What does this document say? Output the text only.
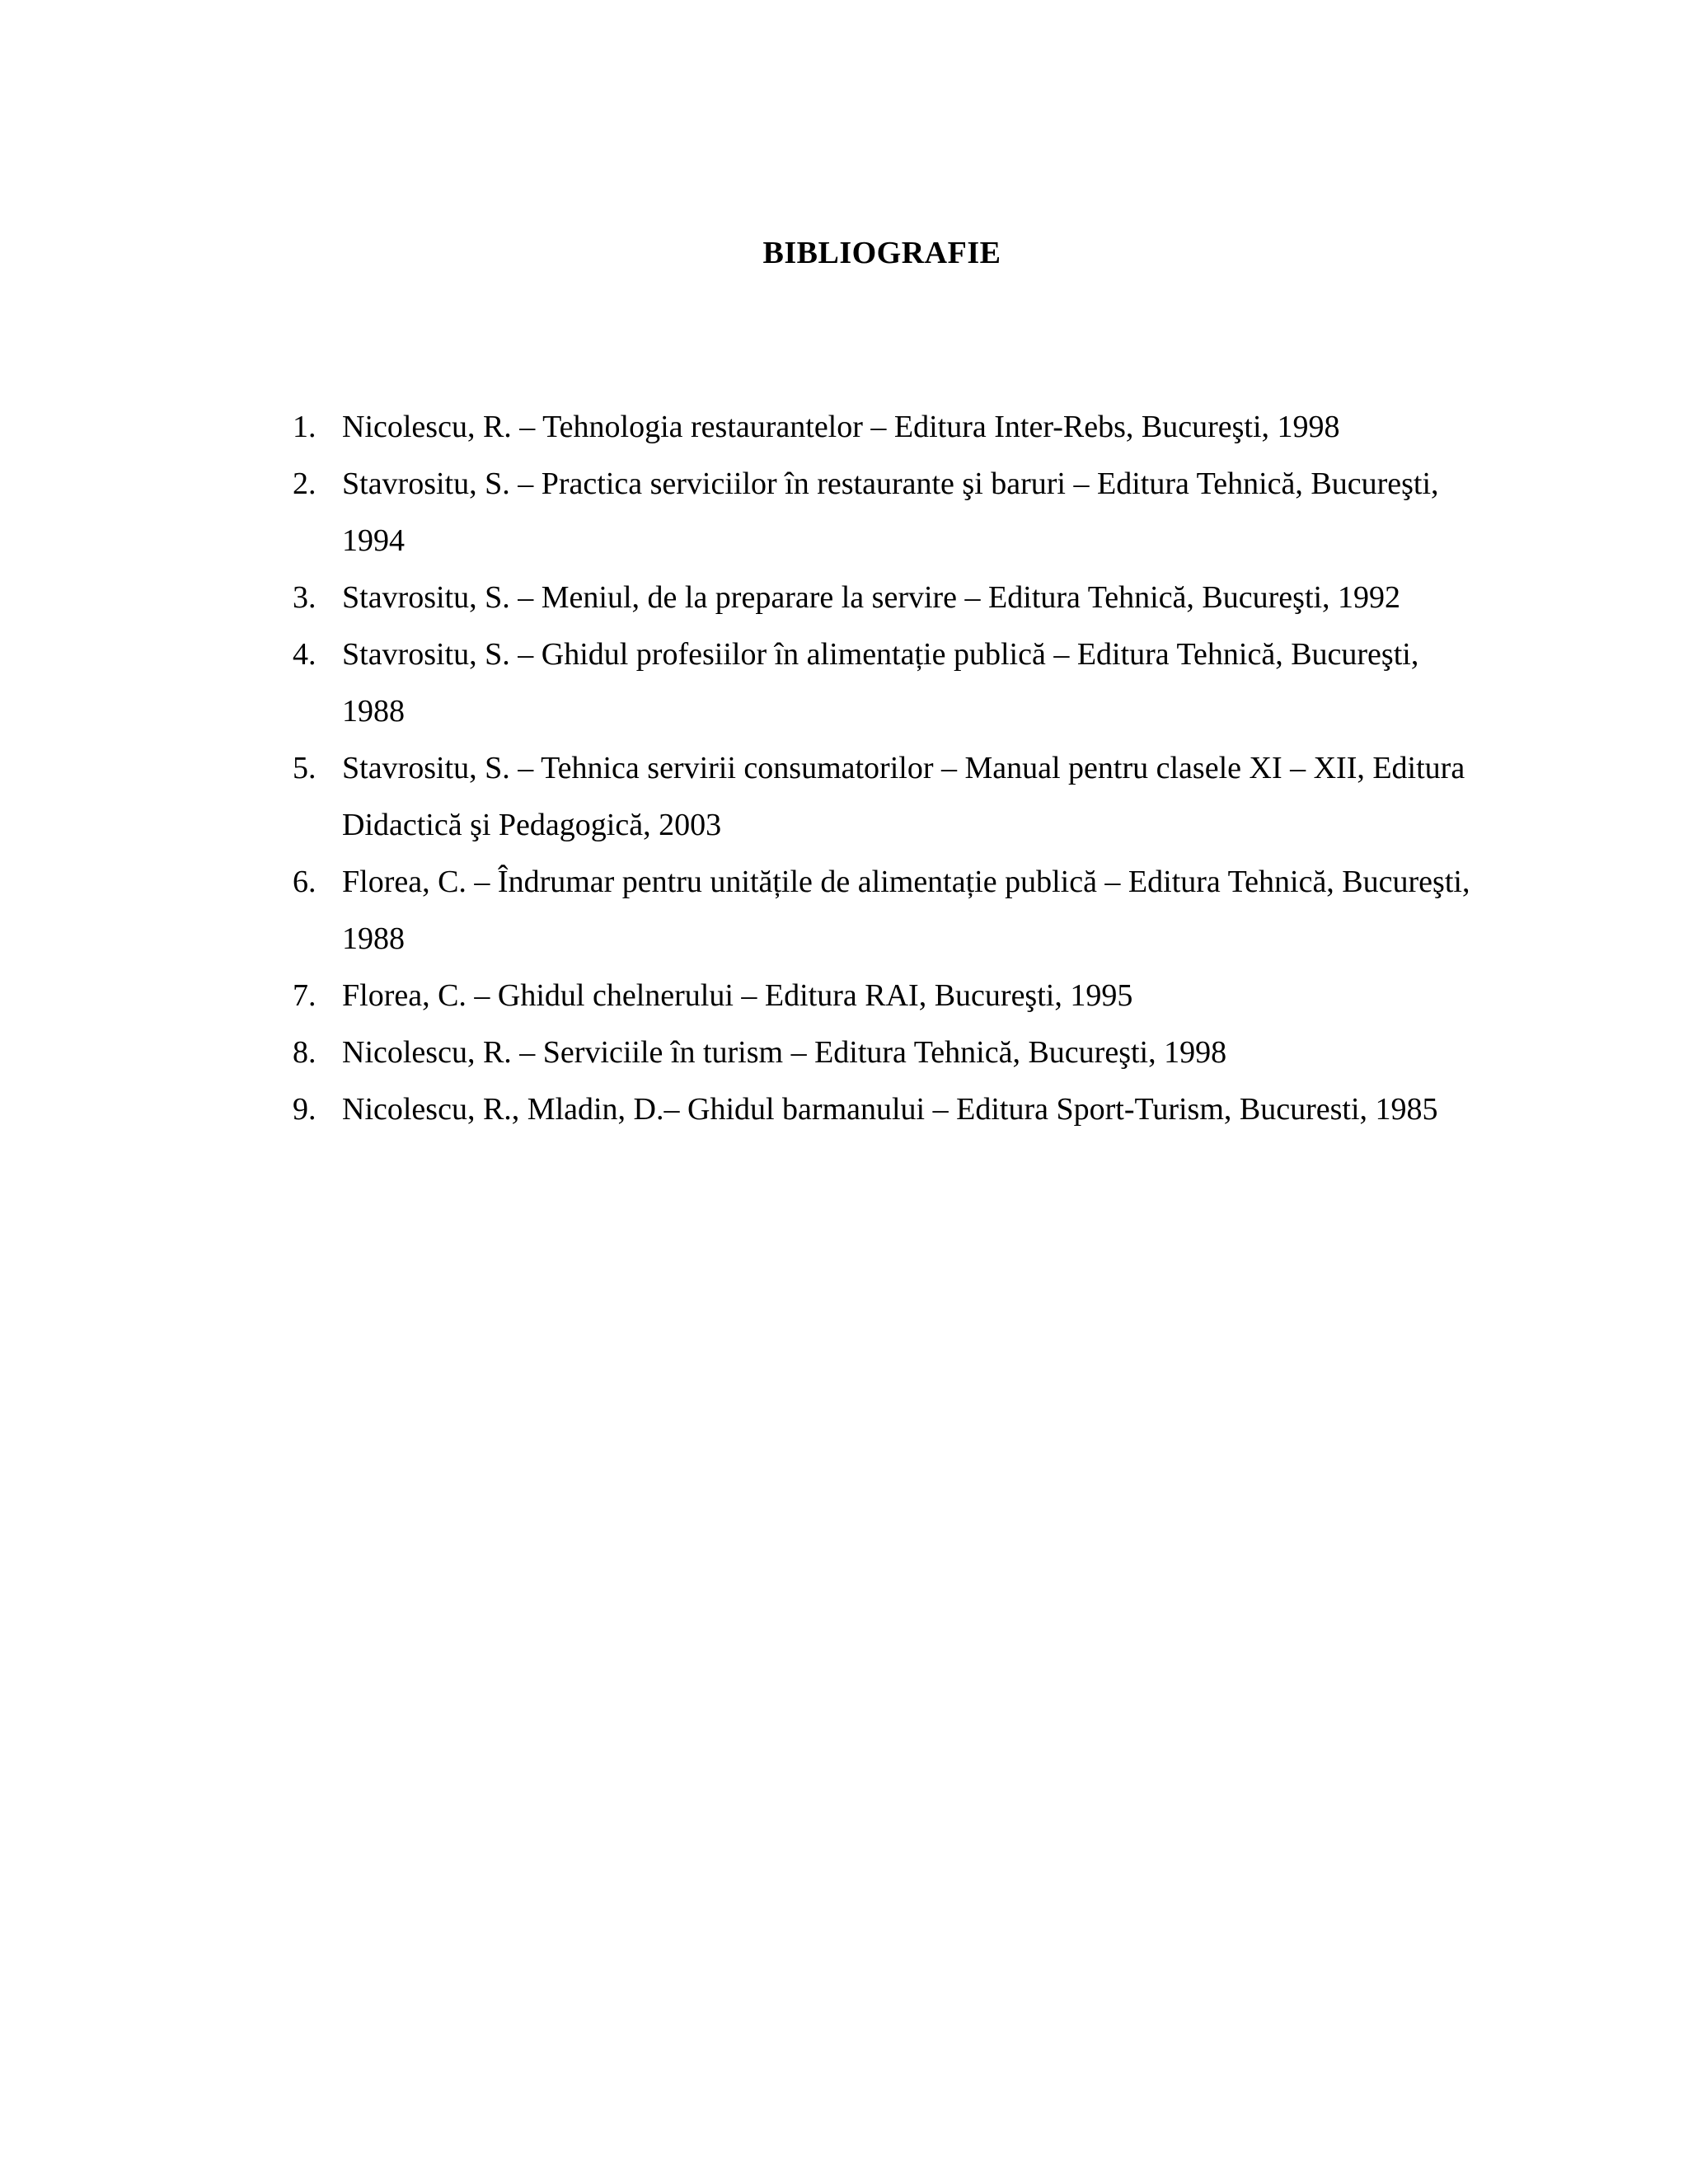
BIBLIOGRAFIE
1. Nicolescu, R. – Tehnologia restaurantelor – Editura Inter-Rebs, Bucureşti, 1998
2. Stavrositu, S. – Practica serviciilor în restaurante şi baruri – Editura Tehnică, Bucureşti, 1994
3. Stavrositu, S. – Meniul, de la preparare la servire – Editura Tehnică, Bucureşti, 1992
4. Stavrositu, S. – Ghidul profesiilor în alimentație publică – Editura Tehnică, Bucureşti, 1988
5. Stavrositu, S. – Tehnica servirii consumatorilor – Manual pentru clasele XI – XII, Editura Didactică şi Pedagogică, 2003
6. Florea, C. – Îndrumar pentru unitățile de alimentație publică – Editura Tehnică, Bucureşti, 1988
7. Florea, C. – Ghidul chelnerului – Editura RAI, Bucureşti, 1995
8. Nicolescu, R. – Serviciile în turism – Editura Tehnică, Bucureşti, 1998
9. Nicolescu, R., Mladin, D.– Ghidul barmanului – Editura Sport-Turism, Bucuresti, 1985
